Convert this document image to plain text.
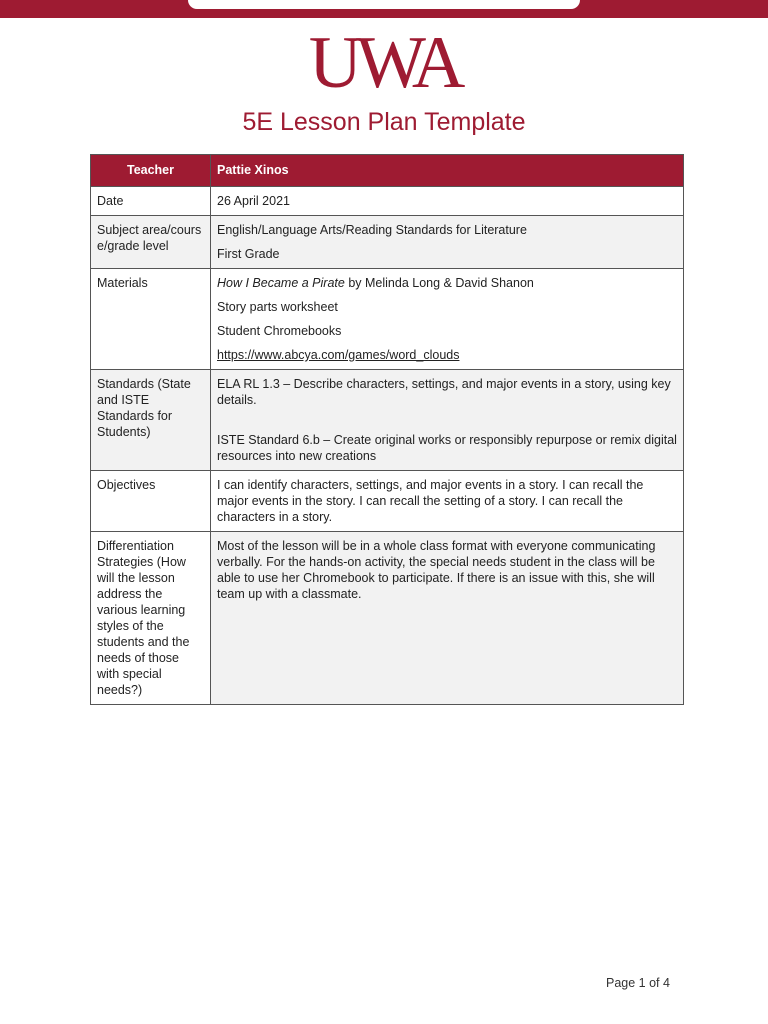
UWA
5E Lesson Plan Template
Teacher	Pattie Xinos
Date	26 April 2021
Subject area/course/grade level	English/Language Arts/Reading Standards for Literature

First Grade

Materials	How I Became a Pirate by Melinda Long & David Shanon

Story parts worksheet

Student Chromebooks

https://www.abcya.com/games/word_clouds

Standards (State and ISTE Standards for Students)	ELA RL 1.3 – Describe characters, settings, and major events in a story, using key details.

ISTE Standard 6.b – Create original works or responsibly repurpose or remix digital resources into new creations

Objectives	I can identify characters, settings, and major events in a story. I can recall the major events in the story. I can recall the setting of a story. I can recall the characters in a story.
Differentiation Strategies (How will the lesson address the various learning styles of the students and the needs of those with special needs?)	Most of the lesson will be in a whole class format with everyone communicating verbally. For the hands-on activity, the special needs student in the class will be able to use her Chromebook to participate. If there is an issue with this, she will team up with a classmate.
Page 1 of 4
